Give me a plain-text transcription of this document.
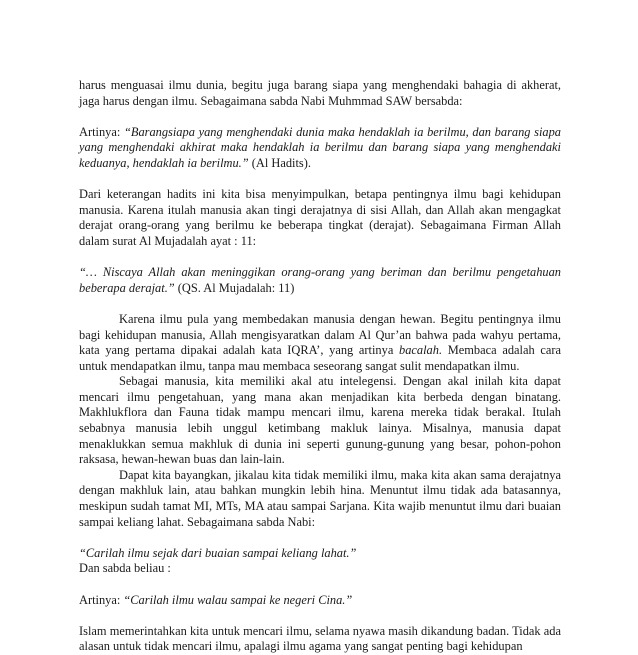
harus menguasai ilmu dunia, begitu juga barang siapa yang menghendaki bahagia di akherat, jaga harus dengan ilmu. Sebagaimana sabda Nabi Muhmmad SAW bersabda:

Artinya: “Barangsiapa yang menghendaki dunia maka hendaklah ia berilmu, dan barang siapa yang menghendaki akhirat maka hendaklah ia berilmu dan barang siapa yang menghendaki keduanya, hendaklah ia berilmu.” (Al Hadits).

Dari keterangan hadits ini kita bisa menyimpulkan, betapa pentingnya ilmu bagi kehidupan manusia. Karena itulah manusia akan tingi derajatnya di sisi Allah, dan Allah akan mengagkat derajat orang-orang yang berilmu ke beberapa tingkat (derajat). Sebagaimana Firman Allah dalam surat Al Mujadalah ayat : 11:

“… Niscaya Allah akan meninggikan orang-orang yang beriman dan berilmu pengetahuan beberapa derajat.” (QS. Al Mujadalah: 11)

Karena ilmu pula yang membedakan manusia dengan hewan. Begitu pentingnya ilmu bagi kehidupan manusia, Allah mengisyaratkan dalam Al Qur’an bahwa pada wahyu pertama, kata yang pertama dipakai adalah kata IQRA’, yang artinya bacalah. Membaca adalah cara untuk mendapatkan ilmu, tanpa mau membaca seseorang sangat sulit mendapatkan ilmu.

Sebagai manusia, kita memiliki akal atu intelegensi. Dengan akal inilah kita dapat mencari ilmu pengetahuan, yang mana akan menjadikan kita berbeda dengan binatang. Makhlukflora dan Fauna tidak mampu mencari ilmu, karena mereka tidak berakal. Itulah sebabnya manusia lebih unggul ketimbang makluk lainya. Misalnya, manusia dapat menaklukkan semua makhluk di dunia ini seperti gunung-gunung yang besar, pohon-pohon raksasa, hewan-hewan buas dan lain-lain.

Dapat kita bayangkan, jikalau kita tidak memiliki ilmu, maka kita akan sama derajatnya dengan makhluk lain, atau bahkan mungkin lebih hina. Menuntut ilmu tidak ada batasannya, meskipun sudah tamat MI, MTs, MA atau sampai Sarjana. Kita wajib menuntut ilmu dari buaian sampai keliang lahat. Sebagaimana sabda Nabi:

“Carilah ilmu sejak dari buaian sampai keliang lahat.”

Dan sabda beliau :

Artinya: “Carilah ilmu walau sampai ke negeri Cina.”

Islam memerintahkan kita untuk mencari ilmu, selama nyawa masih dikandung badan. Tidak ada alasan untuk tidak mencari ilmu, apalagi ilmu agama yang sangat penting bagi kehidupan
